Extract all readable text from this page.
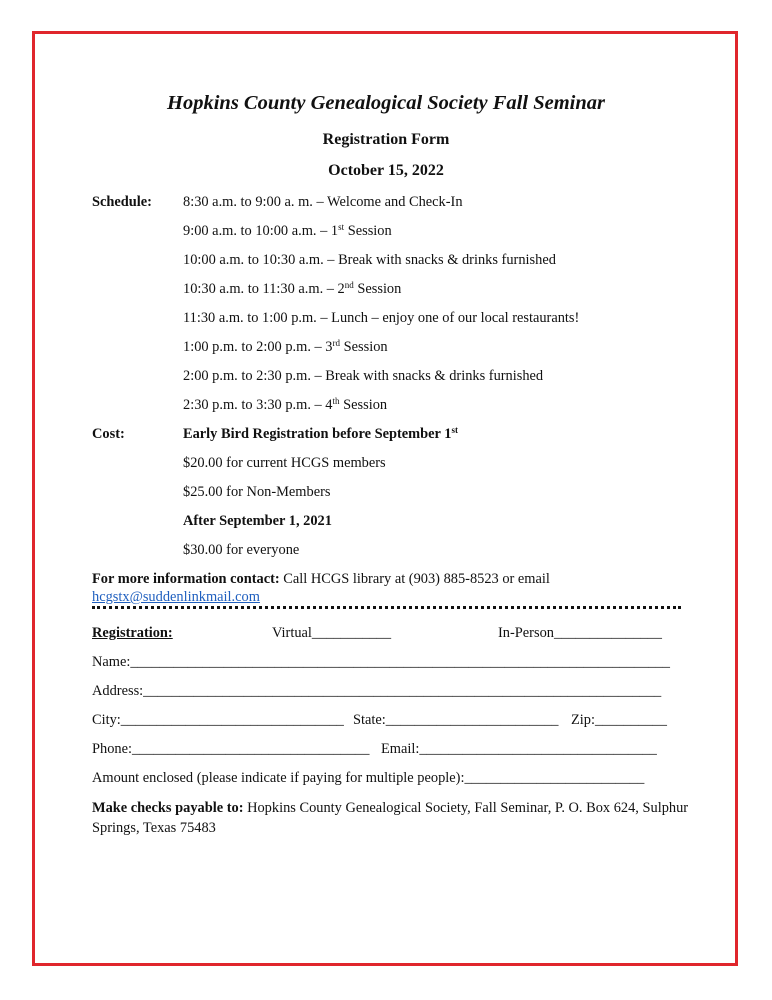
Hopkins County Genealogical Society Fall Seminar
Registration Form
October 15, 2022
Schedule: 8:30 a.m. to 9:00 a. m. – Welcome and Check-In
9:00 a.m. to 10:00 a.m. – 1st Session
10:00 a.m. to 10:30 a.m. – Break with snacks & drinks furnished
10:30 a.m. to 11:30 a.m. – 2nd Session
11:30 a.m. to 1:00 p.m. – Lunch – enjoy one of our local restaurants!
1:00 p.m. to 2:00 p.m. – 3rd Session
2:00 p.m. to 2:30 p.m. – Break with snacks & drinks furnished
2:30 p.m. to 3:30 p.m. – 4th Session
Cost:	Early Bird Registration before September 1st
$20.00 for current HCGS members
$25.00 for Non-Members
After September 1, 2021
$30.00 for everyone
For more information contact: Call HCGS library at (903) 885-8523 or email
hcgstx@suddenlinkmail.com
Registration:	Virtual___________	In-Person_______________
Name:___________________________________________________________________________
Address:________________________________________________________________________
City:_______________________________ State:________________________ Zip:__________
Phone:_________________________________ Email:_________________________________
Amount enclosed (please indicate if paying for multiple people):_________________________
Make checks payable to: Hopkins County Genealogical Society, Fall Seminar, P. O. Box 624, Sulphur Springs, Texas 75483
